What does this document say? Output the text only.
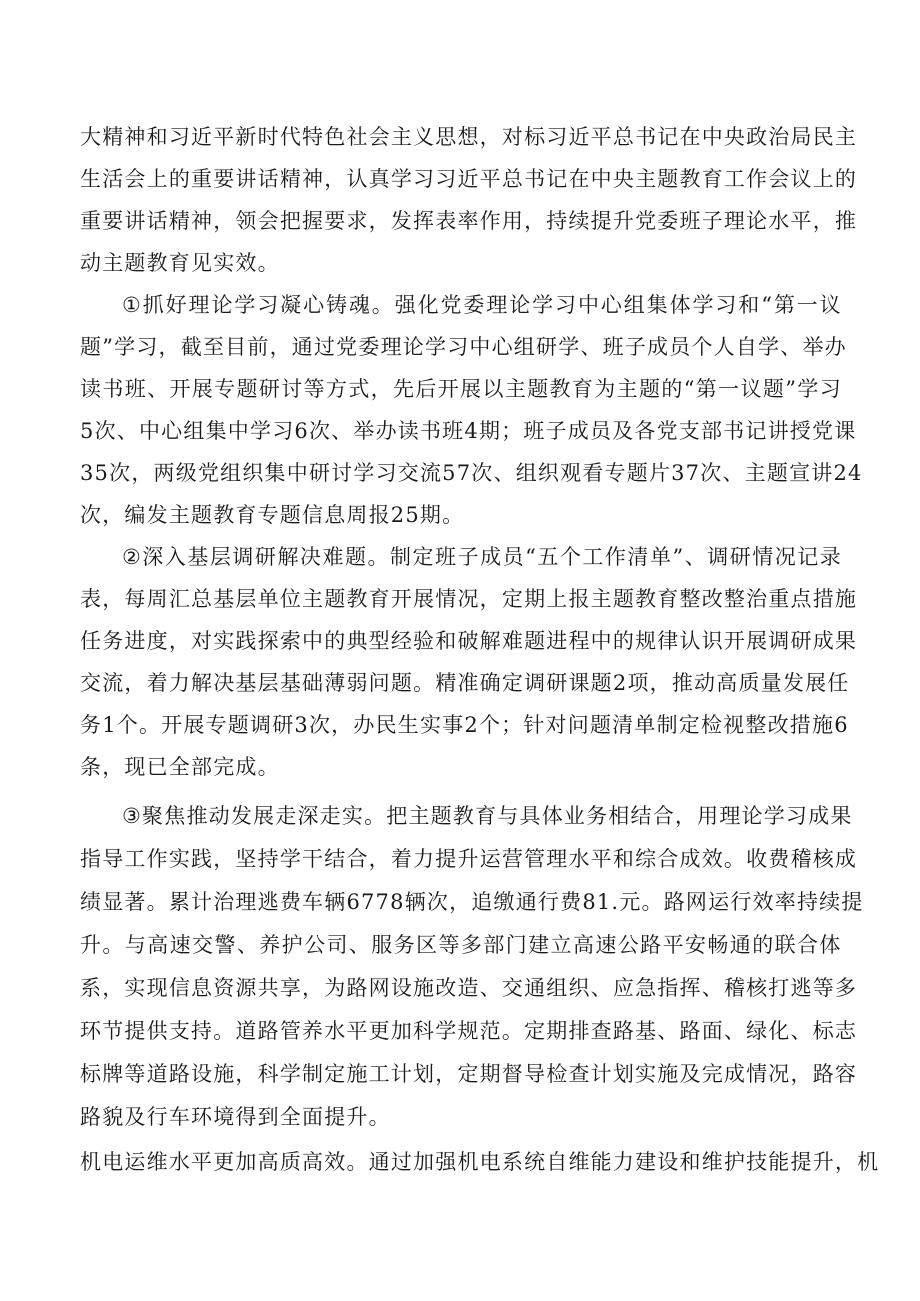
大 精 神 和 习 近 平 新 时 代 特 色 社 会 主 义 思 想 ， 对 标 习 近 平 总 书 记 在 中 央 政 治 局 民 主
生 活 会 上 的 重 要 讲 话 精 神 ， 认 真 学 习 习 近 平 总 书 记 在 中 央 主 题 教 育 工 作 会 议 上 的
重 要 讲 话 精 神 ， 领 会 把 握 要 求 ， 发 挥 表 率 作 用 ， 持 续 提 升 党 委 班 子 理 论 水 平 ， 推
动主题教育见实效。
① 抓 好 理 论 学 习 凝 心 铸 魂 。 强 化 党 委 理 论 学 习 中 心 组 集 体 学 习 和 “ 第 一 议
题 ” 学 习 ， 截 至 目 前 ， 通 过 党 委 理 论 学 习 中 心 组 研 学 、 班 子 成 员 个 人 自 学 、 举 办
读 书 班 、 开 展 专 题 研 讨 等 方 式 ， 先 后 开 展 以 主 题 教 育 为 主 题 的 “ 第 一 议 题 ” 学 习
5 次 、 中 心 组 集 中 学 习 6 次 、 举 办 读 书 班 4 期 ； 班 子 成 员 及 各 党 支 部 书 记 讲 授 党 课
35 次 ， 两 级 党 组 织 集 中 研 讨 学 习 交 流 57 次 、 组 织 观 看 专 题 片 37 次 、 主 题 宣 讲 24
次，编发主题教育专题信息周报25期。
② 深 入 基 层 调 研 解 决 难 题 。 制 定 班 子 成 员 “ 五 个 工 作 清 单 ” 、 调 研 情 况 记 录
表 ， 每 周 汇 总 基 层 单 位 主 题 教 育 开 展 情 况 ， 定 期 上 报 主 题 教 育 整 改 整 治 重 点 措 施
任 务 进 度 ， 对 实 践 探 索 中 的 典 型 经 验 和 破 解 难 题 进 程 中 的 规 律 认 识 开 展 调 研 成 果
交 流 ， 着 力 解 决 基 层 基 础 薄 弱 问 题 。 精 准 确 定 调 研 课 题 2 项 ， 推 动 高 质 量 发 展 任
务 1 个 。 开 展 专 题 调 研 3 次 ， 办 民 生 实 事 2 个 ； 针 对 问 题 清 单 制 定 检 视 整 改 措 施 6
条，现已全部完成。
③ 聚 焦 推 动 发 展 走 深 走 实 。 把 主 题 教 育 与 具 体 业 务 相 结 合 ， 用 理 论 学 习 成 果
指 导 工 作 实 践 ， 坚 持 学 干 结 合 ， 着 力 提 升 运 营 管 理 水 平 和 综 合 成 效 。 收 费 稽 核 成
绩 显 著 。 累 计 治 理 逃 费 车 辆 6778 辆 次 ， 追 缴 通 行 费 81. 元 。 路 网 运 行 效 率 持 续 提
升 。 与 高 速 交 警 、 养 护 公 司 、 服 务 区 等 多 部 门 建 立 高 速 公 路 平 安 畅 通 的 联 合 体
系 ， 实 现 信 息 资 源 共 享 ， 为 路 网 设 施 改 造 、 交 通 组 织 、 应 急 指 挥 、 稽 核 打 逃 等 多
环 节 提 供 支 持 。 道 路 管 养 水 平 更 加 科 学 规 范 。 定 期 排 查 路 基 、 路 面 、 绿 化 、 标 志
标 牌 等 道 路 设 施 ， 科 学 制 定 施 工 计 划 ， 定 期 督 导 检 查 计 划 实 施 及 完 成 情 况 ， 路 容
路貌及行车环境得到全面提升。
机 电 运 维 水 平 更 加 高 质 高 效 。 通 过 加 强 机 电 系 统 自 维 能 力 建 设 和 维 护 技 能 提 升 ， 机
